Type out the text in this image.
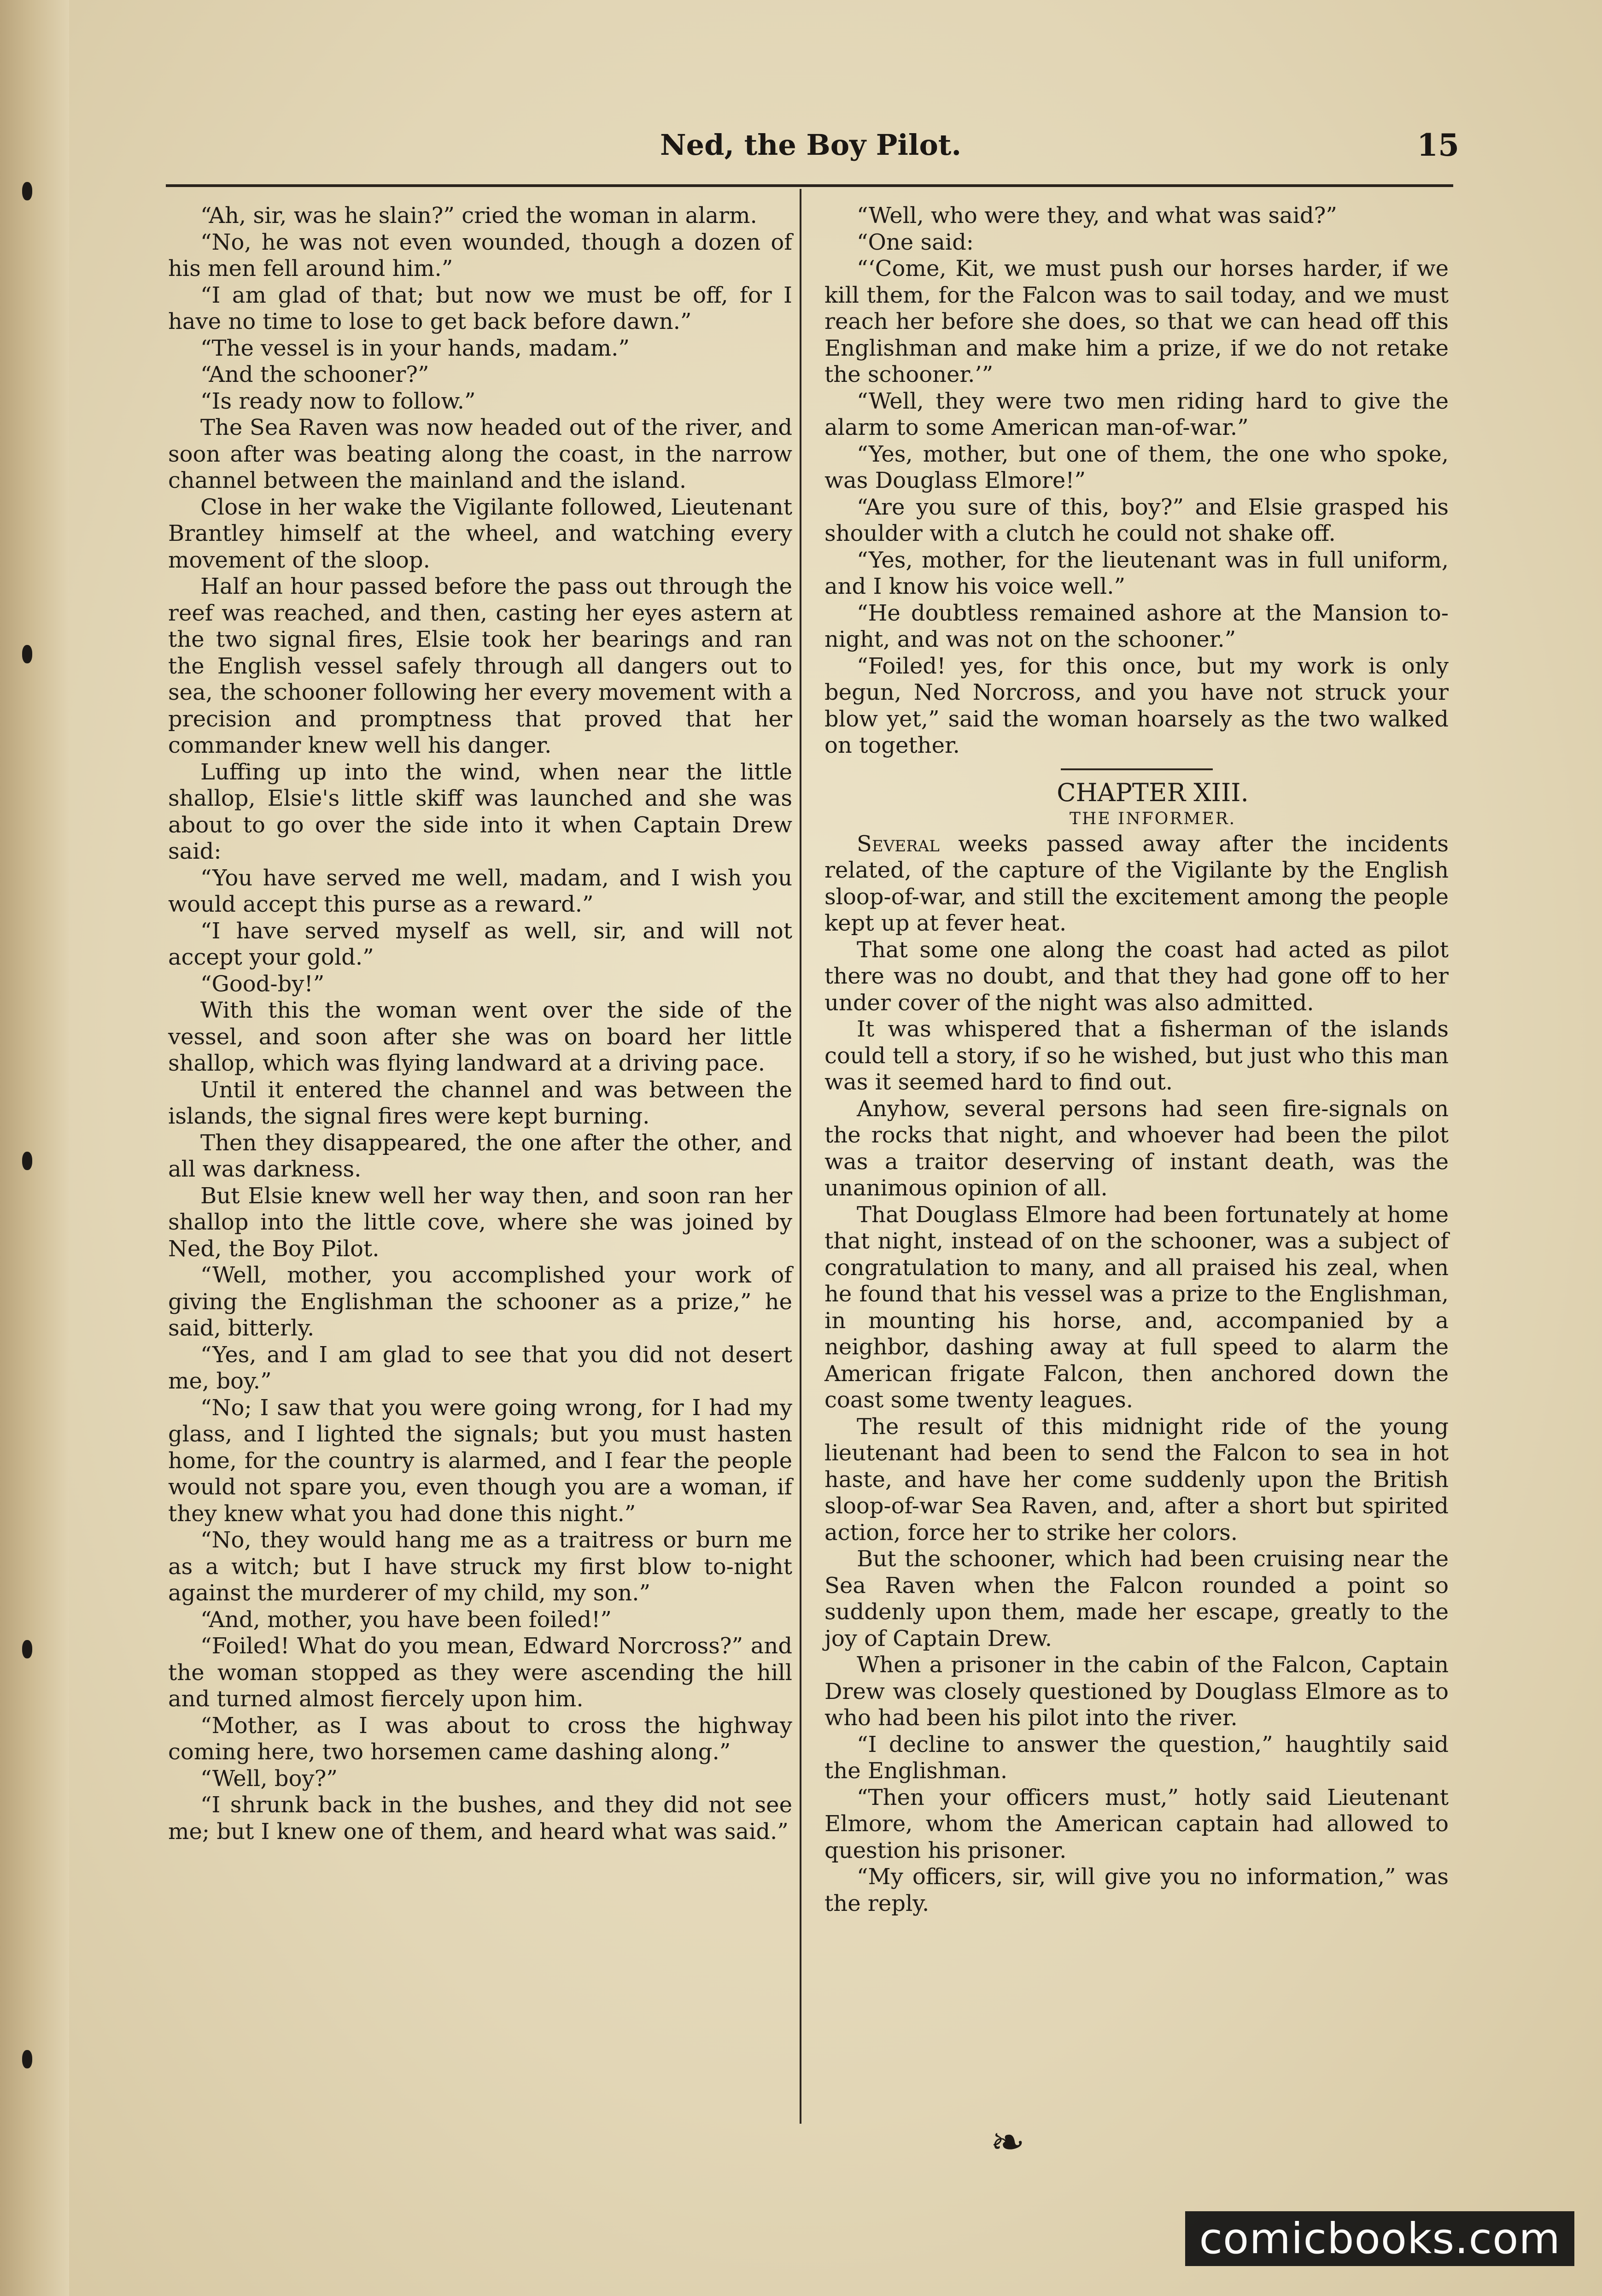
Ned, the Boy Pilot.	15

“Ah, sir, was he slain?” cried the woman in alarm.

“No, he was not even wounded, though a dozen of his men fell around him.”

“I am glad of that; but now we must be off, for I have no time to lose to get back before dawn.”

“The vessel is in your hands, madam.”

“And the schooner?”

“Is ready now to follow.”

The Sea Raven was now headed out of the river, and soon after was beating along the coast, in the narrow channel between the mainland and the island.

Close in her wake the Vigilante followed, Lieutenant Brantley himself at the wheel, and watching every movement of the sloop.

Half an hour passed before the pass out through the reef was reached, and then, casting her eyes astern at the two signal fires, Elsie took her bearings and ran the English vessel safely through all dangers out to sea, the schooner following her every movement with a precision and promptness that proved that her commander knew well his danger.

Luffing up into the wind, when near the little shallop, Elsie's little skiff was launched and she was about to go over the side into it when Captain Drew said:

“You have served me well, madam, and I wish you would accept this purse as a reward.”

“I have served myself as well, sir, and will not accept your gold.”

“Good-by!”

With this the woman went over the side of the vessel, and soon after she was on board her little shallop, which was flying landward at a driving pace.

Until it entered the channel and was between the islands, the signal fires were kept burning.

Then they disappeared, the one after the other, and all was darkness.

But Elsie knew well her way then, and soon ran her shallop into the little cove, where she was joined by Ned, the Boy Pilot.

“Well, mother, you accomplished your work of giving the Englishman the schooner as a prize,” he said, bitterly.

“Yes, and I am glad to see that you did not desert me, boy.”

“No; I saw that you were going wrong, for I had my glass, and I lighted the signals; but you must hasten home, for the country is alarmed, and I fear the people would not spare you, even though you are a woman, if they knew what you had done this night.”

“No, they would hang me as a traitress or burn me as a witch; but I have struck my first blow to-night against the murderer of my child, my son.”

“And, mother, you have been foiled!”

“Foiled! What do you mean, Edward Norcross?” and the woman stopped as they were ascending the hill and turned almost fiercely upon him.

“Mother, as I was about to cross the highway coming here, two horsemen came dashing along.”

“Well, boy?”

“I shrunk back in the bushes, and they did not see me; but I knew one of them, and heard what was said.”

“Well, who were they, and what was said?”

“One said:

“‘Come, Kit, we must push our horses harder, if we kill them, for the Falcon was to sail today, and we must reach her before she does, so that we can head off this Englishman and make him a prize, if we do not retake the schooner.’”

“Well, they were two men riding hard to give the alarm to some American man-of-war.”

“Yes, mother, but one of them, the one who spoke, was Douglass Elmore!”

“Are you sure of this, boy?” and Elsie grasped his shoulder with a clutch he could not shake off.

“Yes, mother, for the lieutenant was in full uniform, and I know his voice well.”

“He doubtless remained ashore at the Mansion to-night, and was not on the schooner.”

“Foiled! yes, for this once, but my work is only begun, Ned Norcross, and you have not struck your blow yet,” said the woman hoarsely as the two walked on together.

CHAPTER XIII.

THE INFORMER.

Several weeks passed away after the incidents related, of the capture of the Vigilante by the English sloop-of-war, and still the excitement among the people kept up at fever heat.

That some one along the coast had acted as pilot there was no doubt, and that they had gone off to her under cover of the night was also admitted.

It was whispered that a fisherman of the islands could tell a story, if so he wished, but just who this man was it seemed hard to find out.

Anyhow, several persons had seen fire-signals on the rocks that night, and whoever had been the pilot was a traitor deserving of instant death, was the unanimous opinion of all.

That Douglass Elmore had been fortunately at home that night, instead of on the schooner, was a subject of congratulation to many, and all praised his zeal, when he found that his vessel was a prize to the Englishman, in mounting his horse, and, accompanied by a neighbor, dashing away at full speed to alarm the American frigate Falcon, then anchored down the coast some twenty leagues.

The result of this midnight ride of the young lieutenant had been to send the Falcon to sea in hot haste, and have her come suddenly upon the British sloop-of-war Sea Raven, and, after a short but spirited action, force her to strike her colors.

But the schooner, which had been cruising near the Sea Raven when the Falcon rounded a point so suddenly upon them, made her escape, greatly to the joy of Captain Drew.

When a prisoner in the cabin of the Falcon, Captain Drew was closely questioned by Douglass Elmore as to who had been his pilot into the river.

“I decline to answer the question,” haughtily said the Englishman.

“Then your officers must,” hotly said Lieutenant Elmore, whom the American captain had allowed to question his prisoner.

“My officers, sir, will give you no information,” was the reply.

❧
comicbooks.com
